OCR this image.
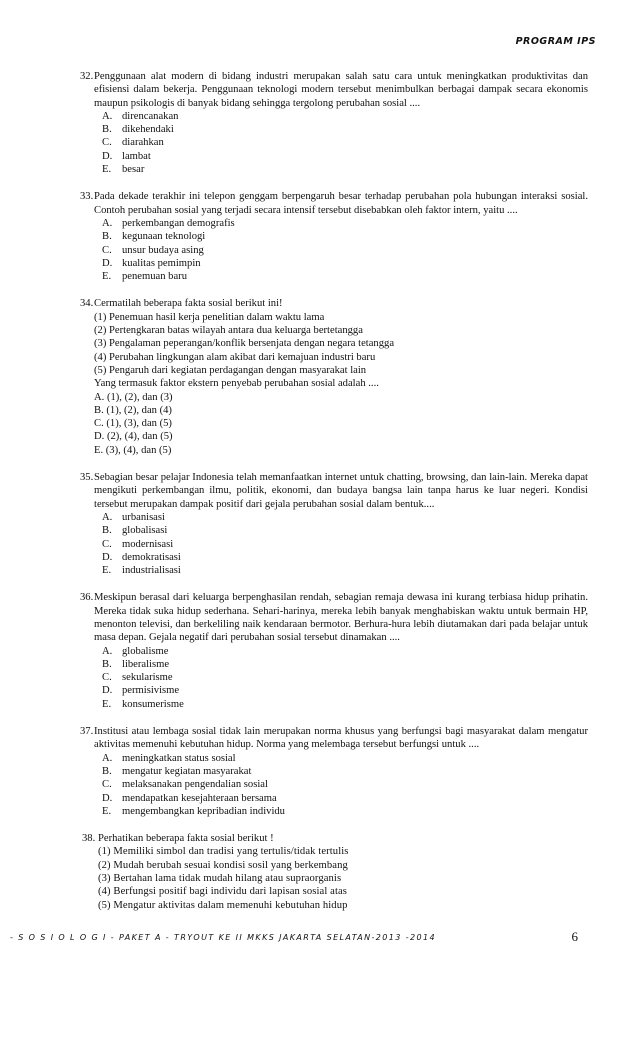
PROGRAM IPS
32. Penggunaan alat modern di bidang industri merupakan salah satu cara untuk meningkatkan produktivitas dan efisiensi dalam bekerja. Penggunaan teknologi modern tersebut menimbulkan berbagai dampak secara ekonomis maupun psikologis di banyak bidang sehingga tergolong perubahan sosial ....
A. direncanakan
B. dikehendaki
C. diarahkan
D. lambat
E. besar
33. Pada dekade terakhir ini telepon genggam berpengaruh besar terhadap perubahan pola hubungan interaksi sosial. Contoh perubahan sosial yang terjadi secara intensif tersebut disebabkan oleh faktor intern, yaitu ....
A. perkembangan demografis
B. kegunaan teknologi
C. unsur budaya asing
D. kualitas pemimpin
E. penemuan baru
34. Cermatilah beberapa fakta sosial berikut ini!
(1) Penemuan hasil kerja penelitian dalam waktu lama
(2) Pertengkaran batas wilayah antara dua keluarga bertetangga
(3) Pengalaman peperangan/konflik bersenjata dengan negara tetangga
(4) Perubahan lingkungan alam akibat dari kemajuan industri baru
(5) Pengaruh dari kegiatan perdagangan dengan masyarakat lain
Yang termasuk faktor ekstern penyebab perubahan sosial adalah ....
A. (1), (2), dan (3)
B. (1), (2), dan (4)
C. (1), (3), dan (5)
D. (2), (4), dan (5)
E. (3), (4), dan (5)
35. Sebagian besar pelajar Indonesia telah memanfaatkan internet untuk chatting, browsing, dan lain-lain. Mereka dapat mengikuti perkembangan ilmu, politik, ekonomi, dan budaya bangsa lain tanpa harus ke luar negeri. Kondisi tersebut merupakan dampak positif dari gejala perubahan sosial dalam bentuk....
A. urbanisasi
B. globalisasi
C. modernisasi
D. demokratisasi
E. industrialisasi
36. Meskipun berasal dari keluarga berpenghasilan rendah, sebagian remaja dewasa ini kurang terbiasa hidup prihatin. Mereka tidak suka hidup sederhana. Sehari-harinya, mereka lebih banyak menghabiskan waktu untuk bermain HP, menonton televisi, dan berkeliling naik kendaraan bermotor. Berhura-hura lebih diutamakan dari pada belajar untuk masa depan. Gejala negatif dari perubahan sosial tersebut dinamakan ....
A. globalisme
B. liberalisme
C. sekularisme
D. permisivisme
E. konsumerisme
37. Institusi atau lembaga sosial tidak lain merupakan norma khusus yang berfungsi bagi masyarakat dalam mengatur aktivitas memenuhi kebutuhan hidup. Norma yang melembaga tersebut berfungsi untuk ....
A. meningkatkan status sosial
B. mengatur kegiatan masyarakat
C. melaksanakan pengendalian sosial
D. mendapatkan kesejahteraan bersama
E. mengembangkan kepribadian individu
38. Perhatikan beberapa fakta sosial berikut !
(1) Memiliki simbol dan tradisi yang tertulis/tidak tertulis
(2) Mudah berubah sesuai kondisi sosil yang berkembang
(3) Bertahan lama tidak mudah hilang atau supraorganis
(4) Berfungsi positif bagi individu dari lapisan sosial atas
(5) Mengatur aktivitas dalam memenuhi kebutuhan hidup
- S O S I O L O G I - PAKET A - TRYOUT KE II MKKS JAKARTA SELATAN-2013 -2014	6
